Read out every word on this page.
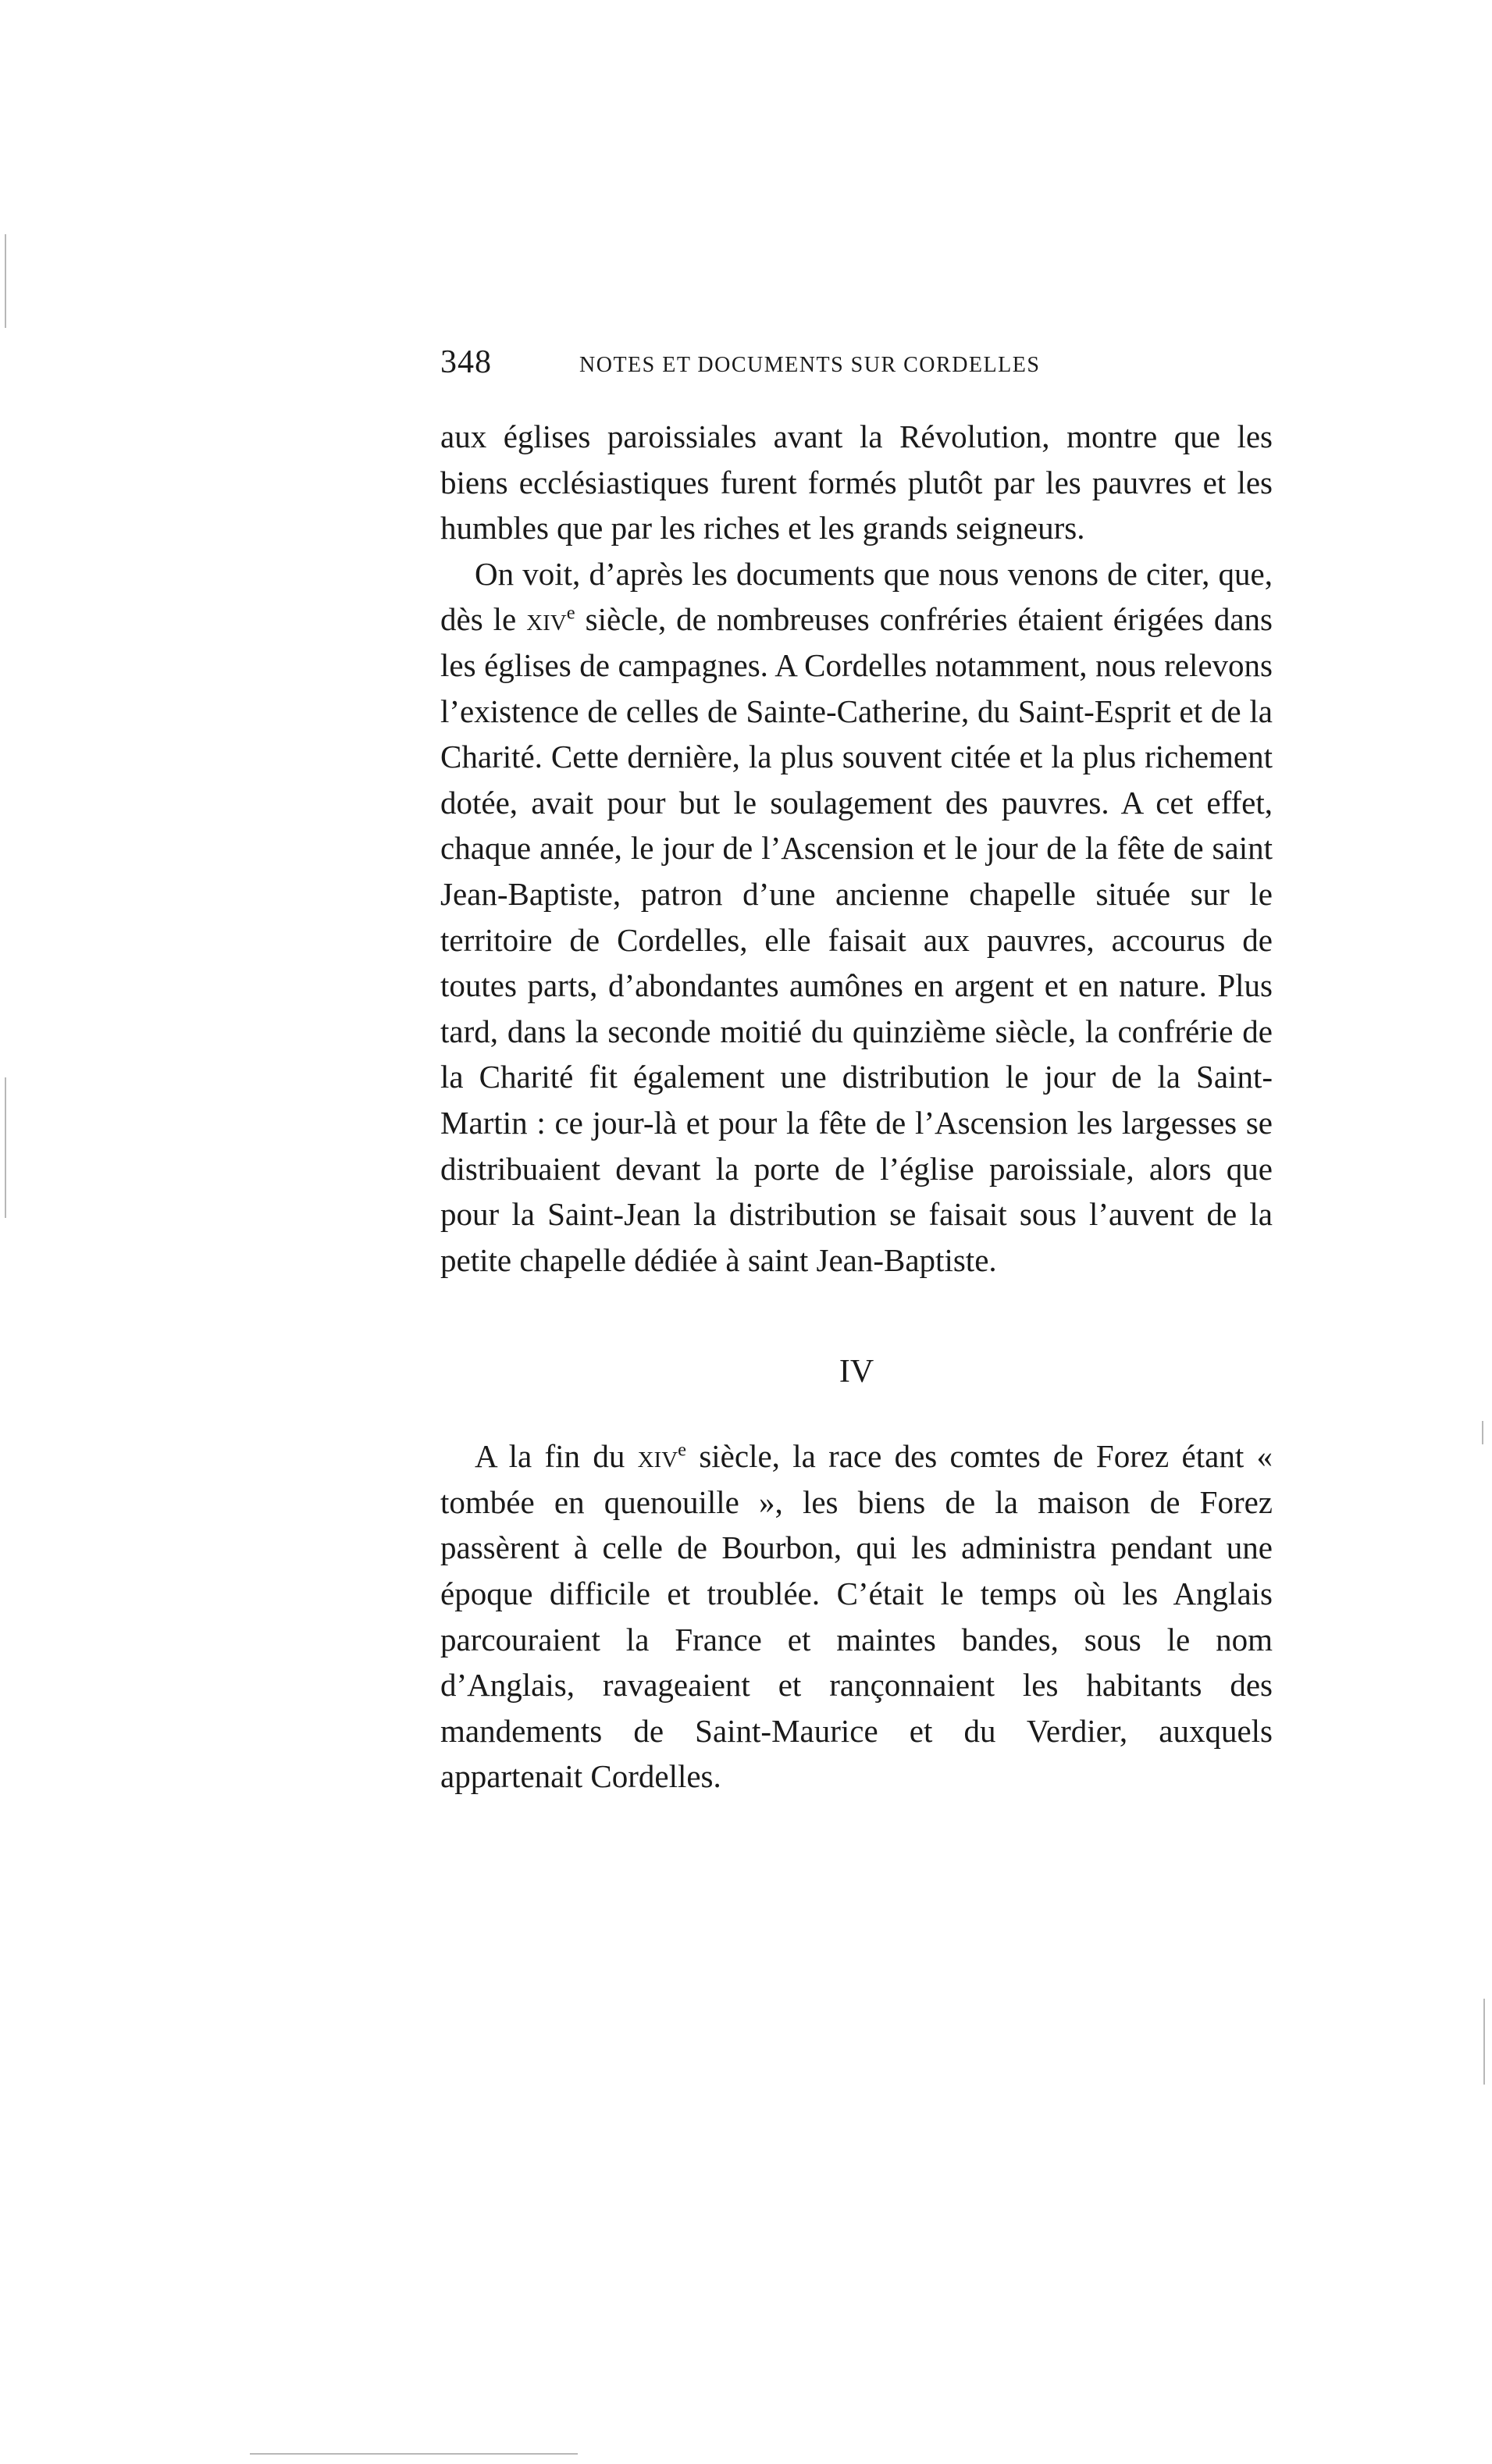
348	NOTES ET DOCUMENTS SUR CORDELLES

aux églises paroissiales avant la Révolution, montre que les biens ecclésiastiques furent formés plutôt par les pauvres et les humbles que par les riches et les grands seigneurs.

On voit, d’après les documents que nous venons de citer, que, dès le xiv$^e$ siècle, de nombreuses confréries étaient érigées dans les églises de campagnes. A Cordelles notamment, nous relevons l’existence de celles de Sainte-Catherine, du Saint-Esprit et de la Charité. Cette dernière, la plus souvent citée et la plus richement dotée, avait pour but le soulagement des pauvres. A cet effet, chaque année, le jour de l’Ascension et le jour de la fête de saint Jean-Baptiste, patron d’une ancienne chapelle située sur le territoire de Cordelles, elle faisait aux pauvres, accourus de toutes parts, d’abondantes aumônes en argent et en nature. Plus tard, dans la seconde moitié du quinzième siècle, la confrérie de la Charité fit également une distribution le jour de la Saint-Martin : ce jour-là et pour la fête de l’Ascension les largesses se distribuaient devant la porte de l’église paroissiale, alors que pour la Saint-Jean la distribution se faisait sous l’auvent de la petite chapelle dédiée à saint Jean-Baptiste.

IV

A la fin du xiv$^e$ siècle, la race des comtes de Forez étant « tombée en quenouille », les biens de la maison de Forez passèrent à celle de Bourbon, qui les administra pendant une époque difficile et troublée. C’était le temps où les Anglais parcouraient la France et maintes bandes, sous le nom d’Anglais, ravageaient et rançonnaient les habitants des mandements de Saint-Maurice et du Verdier, auxquels appartenait Cordelles.
